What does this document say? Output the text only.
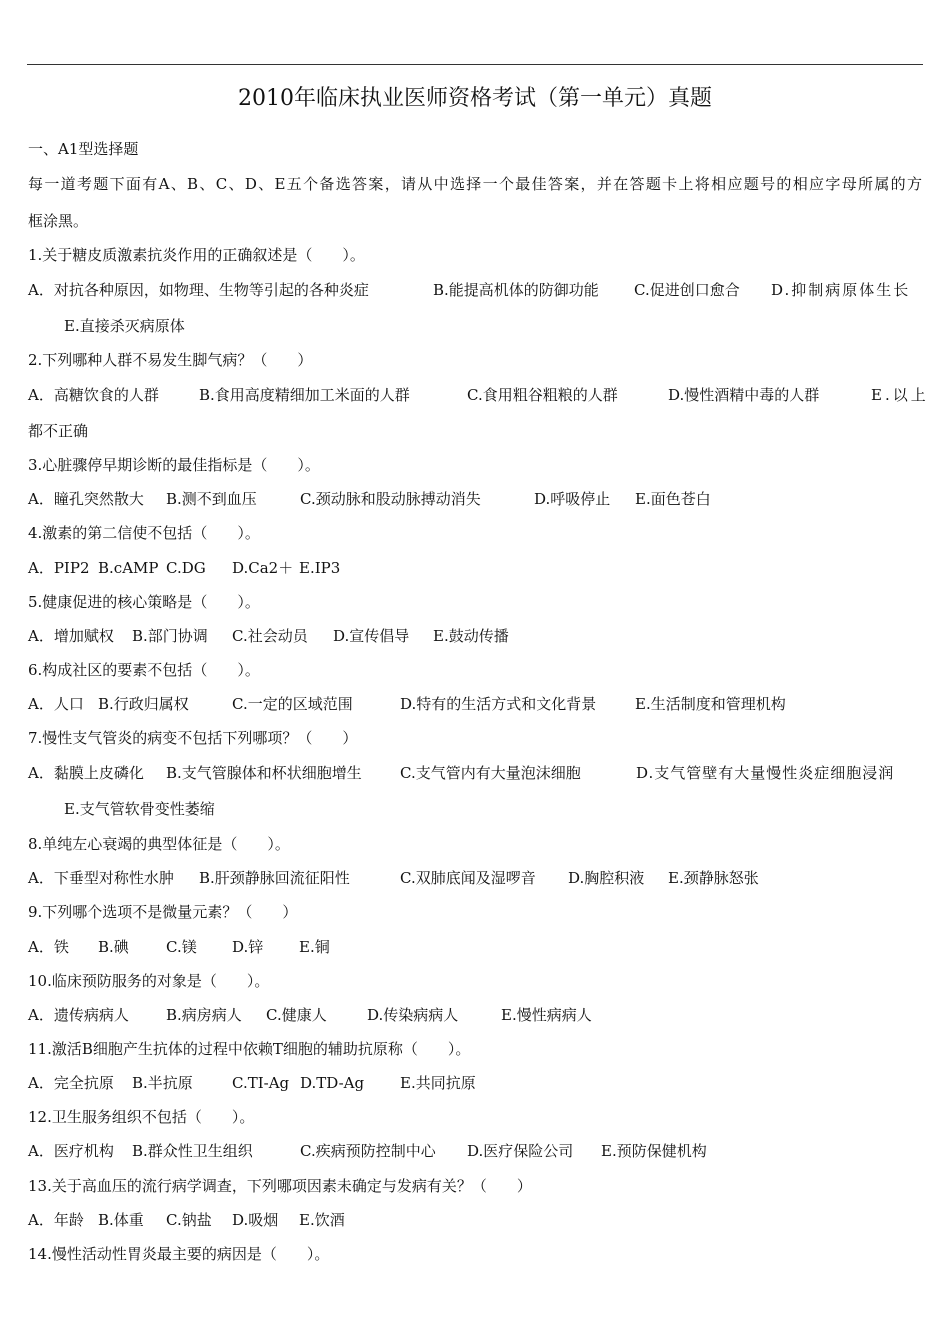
2010年临床执业医师资格考试（第一单元）真题
一、A1型选择题
每一道考题下面有A、B、C、D、E五个备选答案，请从中选择一个最佳答案，并在答题卡上将相应题号的相应字母所属的方
框涂黑。
1.关于糖皮质激素抗炎作用的正确叙述是（　　）。
A．对抗各种原因，如物理、生物等引起的各种炎症	B.能提高机体的防御功能 C.促进创口愈合 D.抑制病原体生长
E.直接杀灭病原体
2.下列哪种人群不易发生脚气病？（　　）
A．高糖饮食的人群	B.食用高度精细加工米面的人群	C.食用粗谷粗粮的人群	D.慢性酒精中毒的人群	E.以上
都不正确
3.心脏骤停早期诊断的最佳指标是（　　）。
A．瞳孔突然散大 B.测不到血压	C.颈动脉和股动脉搏动消失	D.呼吸停止 E.面色苍白
4.激素的第二信使不包括（　　）。
A．PIP2 B.cAMP C.DG D.Ca2＋ E.IP3
5.健康促进的核心策略是（　　）。
A．增加赋权 B.部门协调 C.社会动员 D.宣传倡导 E.鼓动传播
6.构成社区的要素不包括（　　）。
A．人口 B.行政归属权	C.一定的区域范围	D.特有的生活方式和文化背景	E.生活制度和管理机构
7.慢性支气管炎的病变不包括下列哪项？（　　）
A．黏膜上皮磷化 B.支气管腺体和杯状细胞增生	C.支气管内有大量泡沫细胞	D.支气管壁有大量慢性炎症细胞浸润
E.支气管软骨变性萎缩
8.单纯左心衰竭的典型体征是（　　）。
A．下垂型对称性水肿 B.肝颈静脉回流征阳性	C.双肺底闻及湿啰音 D.胸腔积液 E.颈静脉怒张
9.下列哪个选项不是微量元素？（　　）
A．铁 B.碘 C.镁 D.锌 E.铜
10.临床预防服务的对象是（　　）。
A．遗传病病人 B.病房病人 C.健康人	D.传染病病人	E.慢性病病人
11.激活B细胞产生抗体的过程中依赖T细胞的辅助抗原称（　　）。
A．完全抗原 B.半抗原	C.TI-Ag D.TD-Ag E.共同抗原
12.卫生服务组织不包括（　　）。
A．医疗机构 B.群众性卫生组织	C.疾病预防控制中心 D.医疗保险公司 E.预防保健机构
13.关于高血压的流行病学调查，下列哪项因素未确定与发病有关？（　　）
A．年龄 B.体重 C.钠盐 D.吸烟 E.饮酒
14.慢性活动性胃炎最主要的病因是（　　）。
